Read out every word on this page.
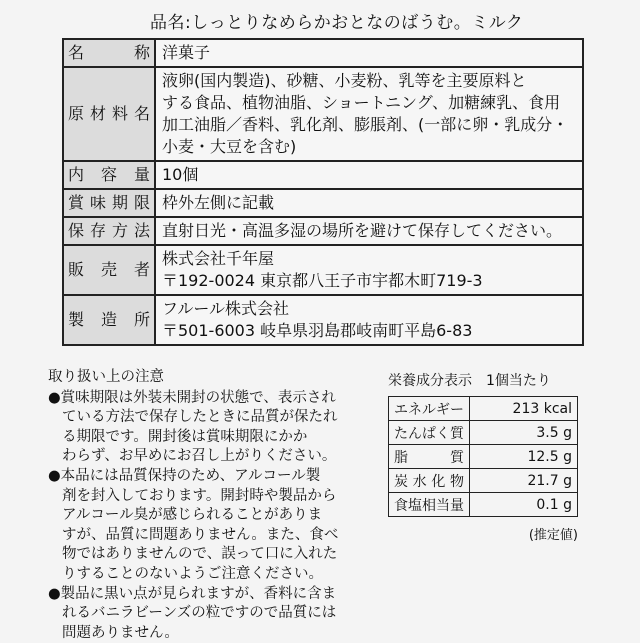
品名:しっとりなめらかおとなのばうむ。ミルク
名　称	洋菓子

原材料名	液卵(国内製造)、砂糖、小麦粉、乳等を主要原料と
する食品、植物油脂、ショートニング、加糖練乳、食用
加工油脂／香料、乳化剤、膨脹剤、(一部に卵・乳成分・
小麦・大豆を含む)

内容量	10個

賞味期限	枠外左側に記載

保存方法	直射日光・高温多湿の場所を避けて保存してください。

販売者	株式会社千年屋
〒192-0024 東京都八王子市宇都木町719-3

製造所	フルール株式会社
〒501-6003 岐阜県羽島郡岐南町平島6-83
取り扱い上の注意
●賞味期限は外装未開封の状態で、表示され
ている方法で保存したときに品質が保たれ
る期限です。開封後は賞味期限にかか
わらず、お早めにお召し上がりください。
●本品には品質保持のため、アルコール製
剤を封入しております。開封時や製品から
アルコール臭が感じられることがありま
すが、品質に問題ありません。また、食べ
物ではありませんので、誤って口に入れた
りすることのないようご注意ください。
●製品に黒い点が見られますが、香料に含ま
れるバニラビーンズの粒ですので品質には
問題ありません。
栄養成分表示　1個当たり
エネルギー	213 kcal
たんぱく質	3.5 g
脂　質	12.5 g
炭水化物	21.7 g
食塩相当量	0.1 g
(推定値)
